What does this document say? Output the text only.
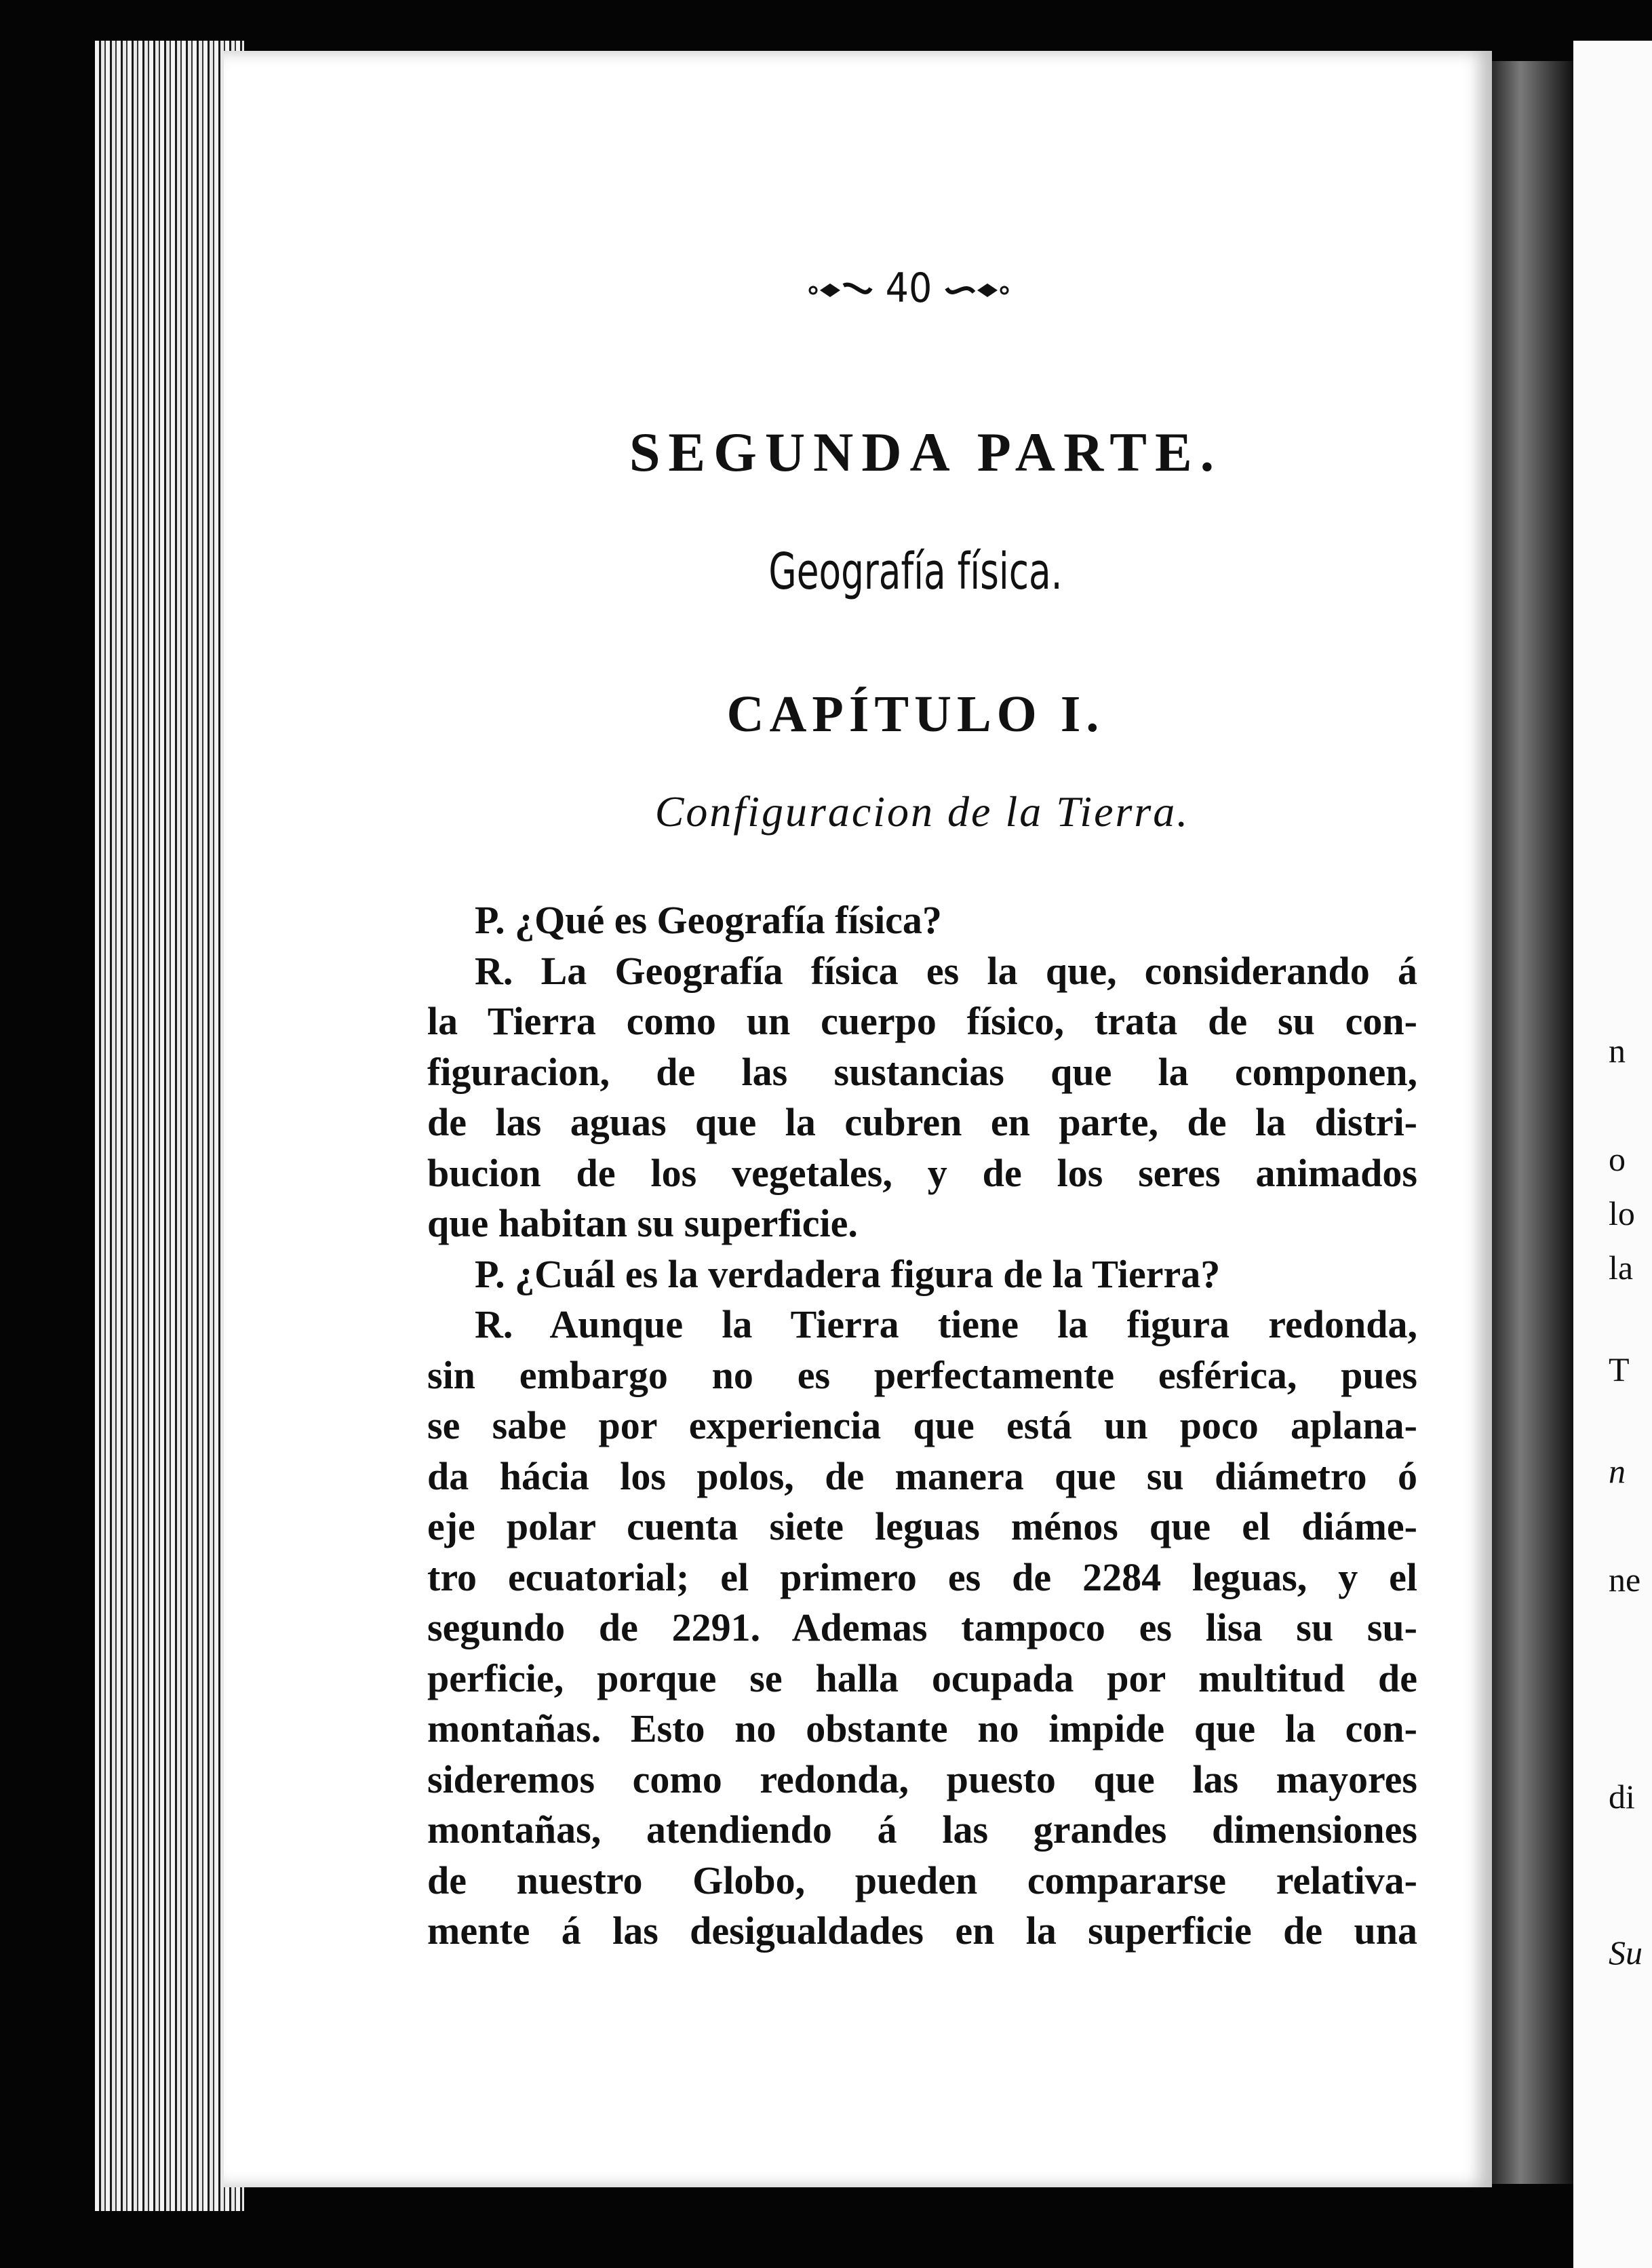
n
o
lo
la
T
n
ne
di
Su
40
SEGUNDA PARTE.
Geografía física.
CAPÍTULO I.
Configuracion de la Tierra.
P. ¿Qué es Geografía física?
R. La Geografía física es la que, considerando á
la Tierra como un cuerpo físico, trata de su con-
figuracion, de las sustancias que la componen,
de las aguas que la cubren en parte, de la distri-
bucion de los vegetales, y de los seres animados
que habitan su superficie.
P. ¿Cuál es la verdadera figura de la Tierra?
R. Aunque la Tierra tiene la figura redonda,
sin embargo no es perfectamente esférica, pues
se sabe por experiencia que está un poco aplana-
da hácia los polos, de manera que su diámetro ó
eje polar cuenta siete leguas ménos que el diáme-
tro ecuatorial; el primero es de 2284 leguas, y el
segundo de 2291. Ademas tampoco es lisa su su-
perficie, porque se halla ocupada por multitud de
montañas. Esto no obstante no impide que la con-
sideremos como redonda, puesto que las mayores
montañas, atendiendo á las grandes dimensiones
de nuestro Globo, pueden compararse relativa-
mente á las desigualdades en la superficie de una
